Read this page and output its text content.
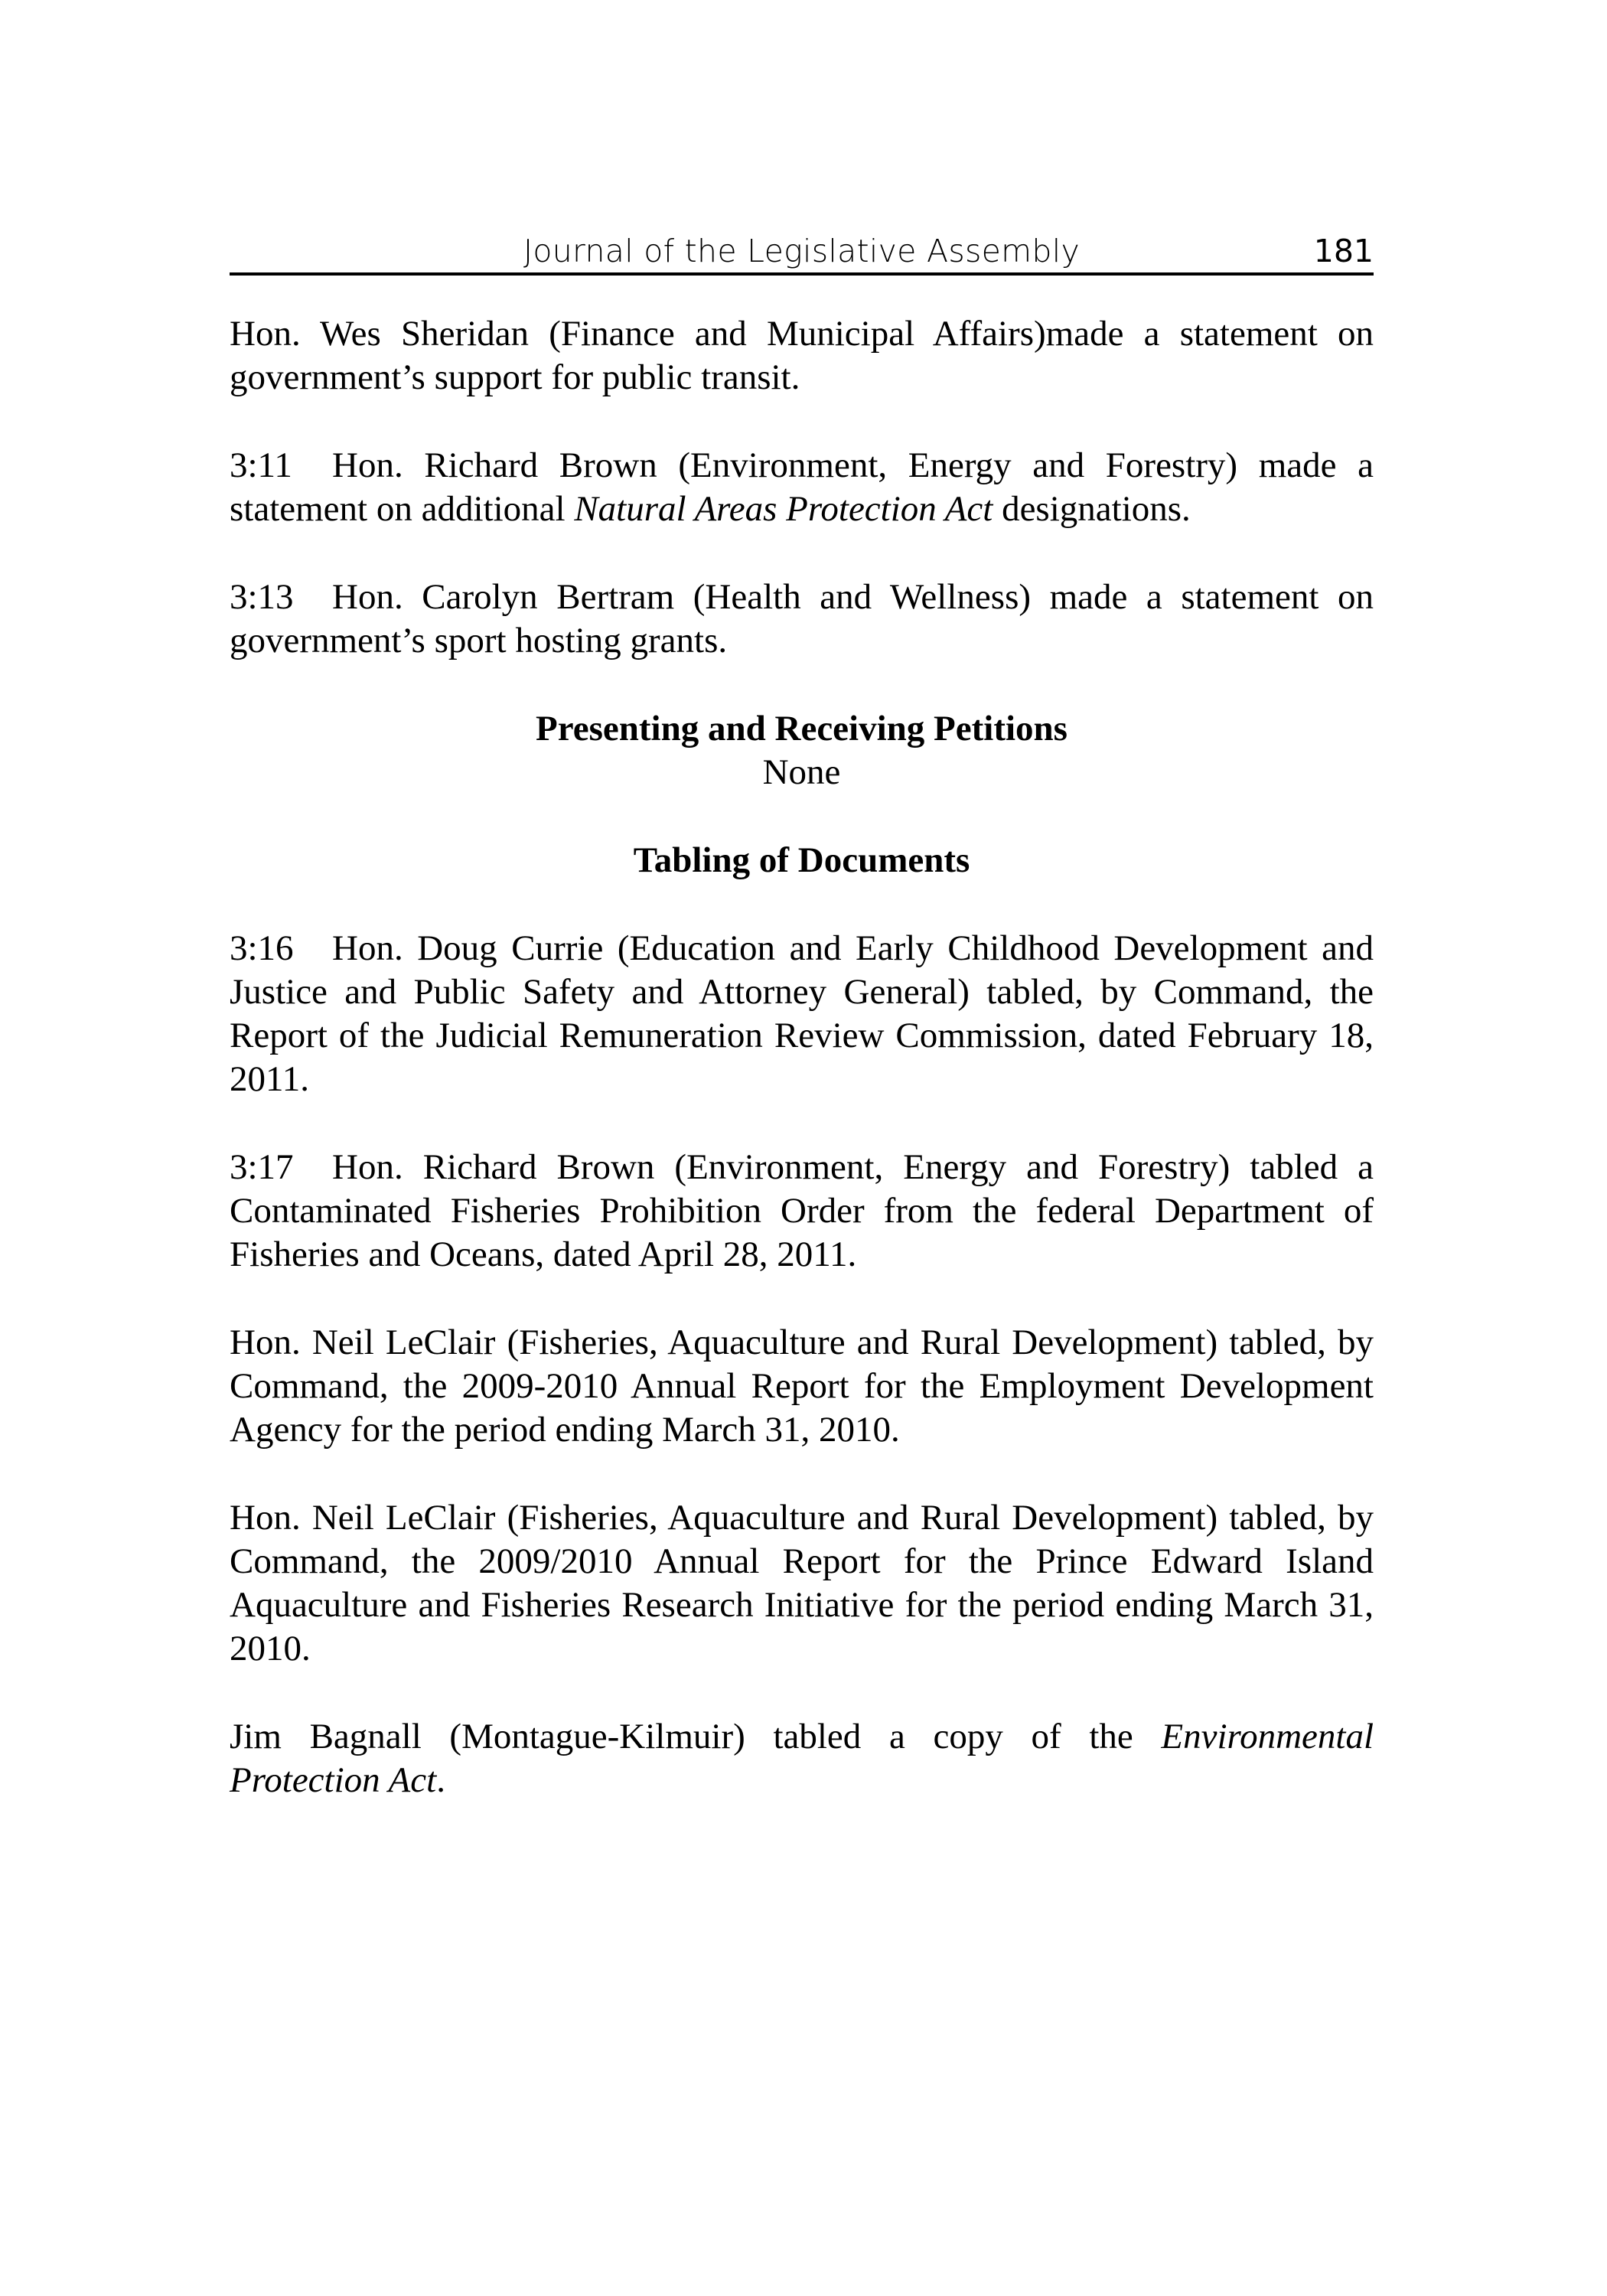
Journal of the Legislative Assembly	181

Hon. Wes Sheridan (Finance and Municipal Affairs)made a statement on government’s support for public transit.

3:11 Hon. Richard Brown (Environment, Energy and Forestry) made a statement on additional Natural Areas Protection Act designations.

3:13 Hon. Carolyn Bertram (Health and Wellness) made a statement on government’s sport hosting grants.

Presenting and Receiving Petitions
None
Tabling of Documents

3:16 Hon. Doug Currie (Education and Early Childhood Development and Justice and Public Safety and Attorney General) tabled, by Command, the Report of the Judicial Remuneration Review Commission, dated February 18, 2011.

3:17 Hon. Richard Brown (Environment, Energy and Forestry) tabled a Contaminated Fisheries Prohibition Order from the federal Department of Fisheries and Oceans, dated April 28, 2011.

Hon. Neil LeClair (Fisheries, Aquaculture and Rural Development) tabled, by Command, the 2009-2010 Annual Report for the Employment Development Agency for the period ending March 31, 2010.

Hon. Neil LeClair (Fisheries, Aquaculture and Rural Development) tabled, by Command, the 2009/2010 Annual Report for the Prince Edward Island Aquaculture and Fisheries Research Initiative for the period ending March 31, 2010.

Jim Bagnall (Montague-Kilmuir) tabled a copy of the Environmental Protection Act.
